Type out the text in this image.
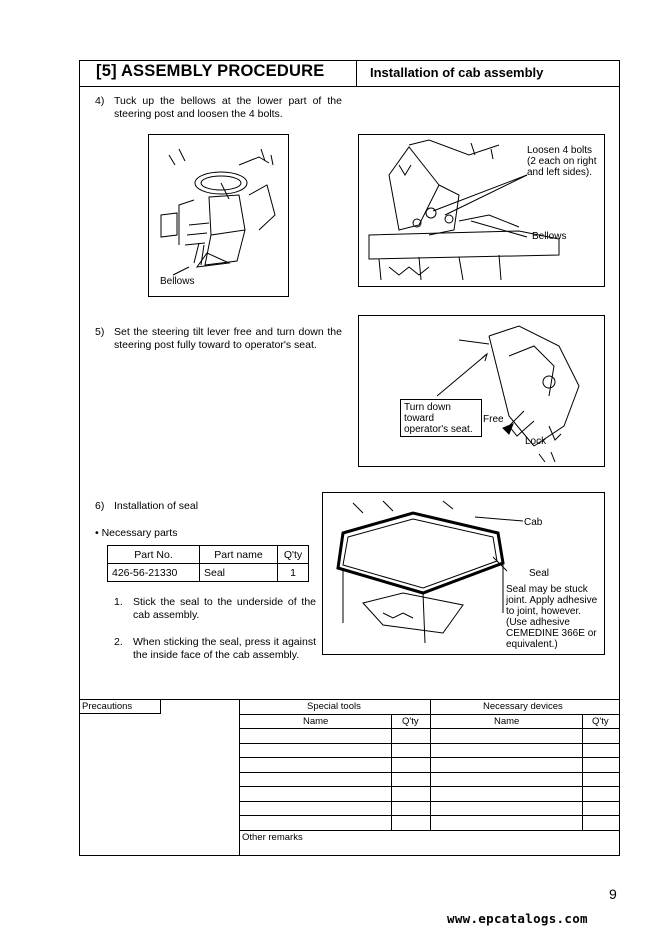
[5] ASSEMBLY PROCEDURE	Installation of cab assembly
4) Tuck up the bellows at the lower part of the steering post and loosen the 4 bolts.
Bellows
Loosen 4 bolts
(2 each on right
and left sides).
Bellows
5) Set the steering tilt lever free and turn down the steering post fully toward to operator's seat.
Turn down
toward
operator's seat.
Free
Lock
6) Installation of seal
• Necessary parts
Part No.	Part name	Q'ty
426-56-21330	Seal	1
1. Stick the seal to the underside of the cab assembly.
2. When sticking the seal, press it against the inside face of the cab assembly.
Cab
Seal
Seal may be stuck
joint. Apply adhesive
to joint, however.
(Use adhesive
CEMEDINE 366E or
equivalent.)
Precautions	Special tools	Necessary devices
Name	Q'ty	Name	Q'ty
Other remarks
9
www.epcatalogs.com
